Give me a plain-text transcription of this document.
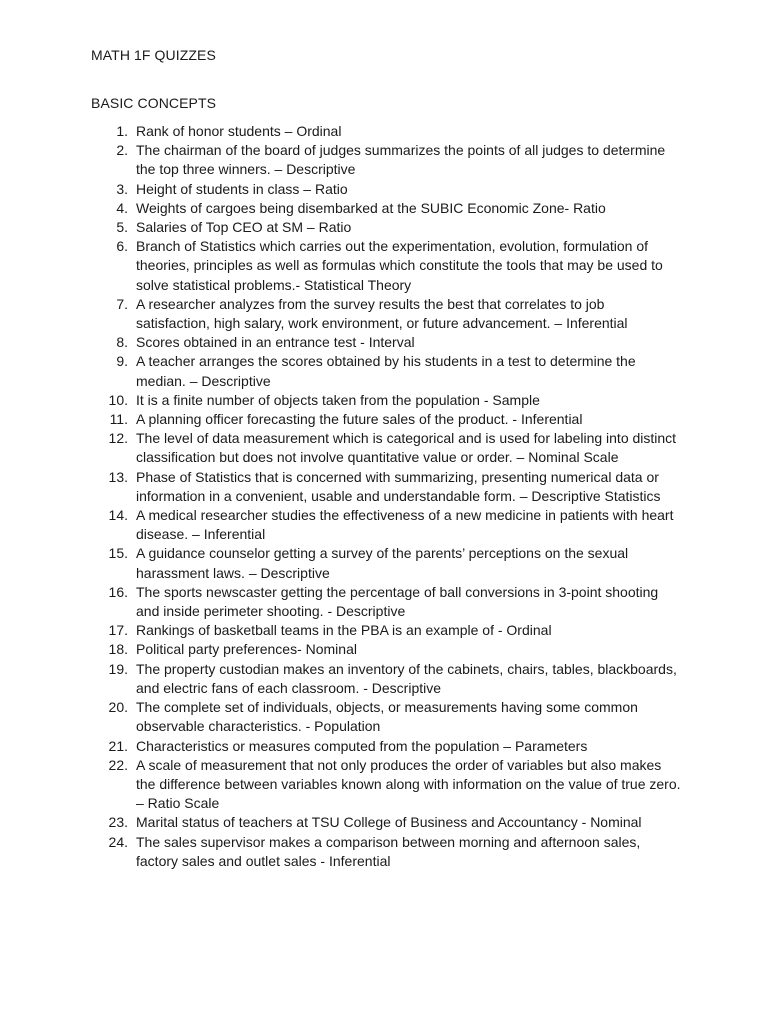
MATH 1F QUIZZES
BASIC CONCEPTS
1. Rank of honor students – Ordinal
2. The chairman of the board of judges summarizes the points of all judges to determine the top three winners. – Descriptive
3. Height of students in class – Ratio
4. Weights of cargoes being disembarked at the SUBIC Economic Zone- Ratio
5. Salaries of Top CEO at SM – Ratio
6. Branch of Statistics which carries out the experimentation, evolution, formulation of theories, principles as well as formulas which constitute the tools that may be used to solve statistical problems.- Statistical Theory
7. A researcher analyzes from the survey results the best that correlates to job satisfaction, high salary, work environment, or future advancement. – Inferential
8. Scores obtained in an entrance test - Interval
9. A teacher arranges the scores obtained by his students in a test to determine the median. – Descriptive
10. It is a finite number of objects taken from the population - Sample
11. A planning officer forecasting the future sales of the product. - Inferential
12. The level of data measurement which is categorical and is used for labeling into distinct classification but does not involve quantitative value or order. – Nominal Scale
13. Phase of Statistics that is concerned with summarizing, presenting numerical data or information in a convenient, usable and understandable form. – Descriptive Statistics
14. A medical researcher studies the effectiveness of a new medicine in patients with heart disease. – Inferential
15. A guidance counselor getting a survey of the parents’ perceptions on the sexual harassment laws. – Descriptive
16. The sports newscaster getting the percentage of ball conversions in 3-point shooting and inside perimeter shooting. - Descriptive
17. Rankings of basketball teams in the PBA is an example of - Ordinal
18. Political party preferences- Nominal
19. The property custodian makes an inventory of the cabinets, chairs, tables, blackboards, and electric fans of each classroom. - Descriptive
20. The complete set of individuals, objects, or measurements having some common observable characteristics. - Population
21. Characteristics or measures computed from the population – Parameters
22. A scale of measurement that not only produces the order of variables but also makes the difference between variables known along with information on the value of true zero. – Ratio Scale
23. Marital status of teachers at TSU College of Business and Accountancy - Nominal
24. The sales supervisor makes a comparison between morning and afternoon sales, factory sales and outlet sales - Inferential
